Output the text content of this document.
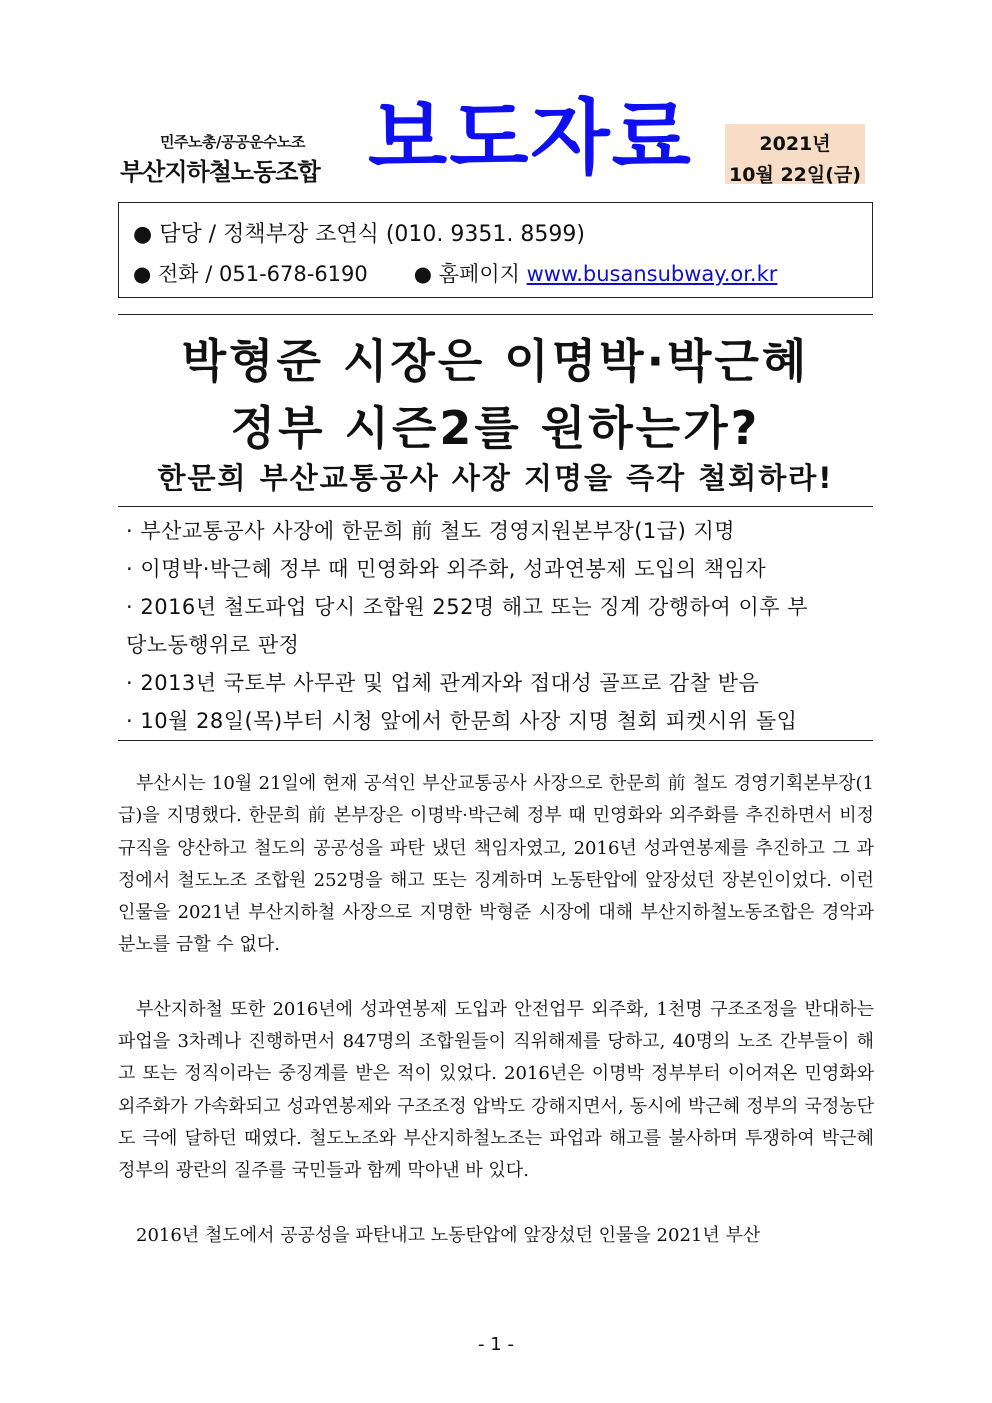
민주노총/공공운수노조
부산지하철노동조합 보도자료	2021년
10월 22일(금)
● 담당 / 정책부장 조연식 (010. 9351. 8599)
● 전화 / 051-678-6190 ● 홈페이지 www.busansubway.or.kr
박형준 시장은 이명박·박근혜
정부 시즌2를 원하는가?
한문희 부산교통공사 사장 지명을 즉각 철회하라!
· 부산교통공사 사장에 한문희 前 철도 경영지원본부장(1급) 지명
· 이명박·박근혜 정부 때 민영화와 외주화, 성과연봉제 도입의 책임자
· 2016년 철도파업 당시 조합원 252명 해고 또는 징계 강행하여 이후 부
당노동행위로 판정
· 2013년 국토부 사무관 및 업체 관계자와 접대성 골프로 감찰 받음
· 10월 28일(목)부터 시청 앞에서 한문희 사장 지명 철회 피켓시위 돌입

부산시는 10월 21일에 현재 공석인 부산교통공사 사장으로 한문희 前 철도 경영기획본부장(1급)을 지명했다. 한문희 前 본부장은 이명박·박근혜 정부 때 민영화와 외주화를 추진하면서 비정규직을 양산하고 철도의 공공성을 파탄 냈던 책임자였고, 2016년 성과연봉제를 추진하고 그 과정에서 철도노조 조합원 252명을 해고 또는 징계하며 노동탄압에 앞장섰던 장본인이었다. 이런 인물을 2021년 부산지하철 사장으로 지명한 박형준 시장에 대해 부산지하철노동조합은 경악과 분노를 금할 수 없다.

부산지하철 또한 2016년에 성과연봉제 도입과 안전업무 외주화, 1천명 구조조정을 반대하는 파업을 3차례나 진행하면서 847명의 조합원들이 직위해제를 당하고, 40명의 노조 간부들이 해고 또는 정직이라는 중징계를 받은 적이 있었다. 2016년은 이명박 정부부터 이어져온 민영화와 외주화가 가속화되고 성과연봉제와 구조조정 압박도 강해지면서, 동시에 박근혜 정부의 국정농단도 극에 달하던 때였다. 철도노조와 부산지하철노조는 파업과 해고를 불사하며 투쟁하여 박근혜 정부의 광란의 질주를 국민들과 함께 막아낸 바 있다.

2016년 철도에서 공공성을 파탄내고 노동탄압에 앞장섰던 인물을 2021년 부산

- 1 -
